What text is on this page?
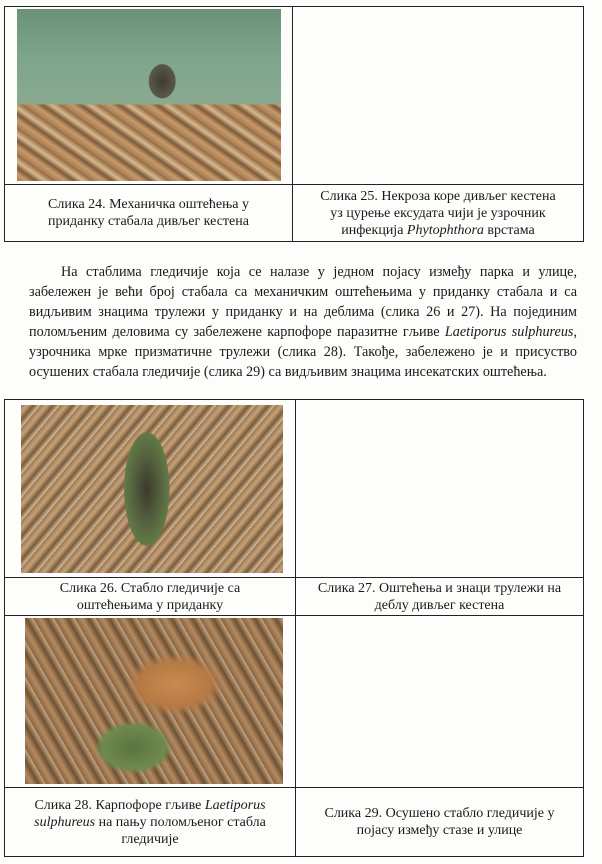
Слика 24. Механичка оштећења у
приданку стабала дивљег кестена	Слика 25. Некроза коре дивљег кестена
уз цурење ексудата чији је узрочник
инфекција Phytophthora врстама

На стаблима гледичије која се налазе у једном појасу између парка и улице, забележен је већи број стабала са механичким оштећењима у приданку стабала и са видљивим знацима трулежи у приданку и на деблима (слика 26 и 27). На појединим поломљеним деловима су забележене карпофоре паразитне гљиве Laetiporus sulphureus, узрочника мрке призматичне трулежи (слика 28). Такође, забележено је и присуство осушених стабала гледичије (слика 29) са видљивим знацима инсекатских оштећења.

Слика 26. Стабло гледичије са
оштећењима у приданку	Слика 27. Оштећења и знаци трулежи на
деблу дивљег кестена

Слика 28. Карпофоре гљиве Laetiporus
sulphureus на пању поломљеног стабла
гледичије	Слика 29. Осушено стабло гледичије у
појасу између стазе и улице
